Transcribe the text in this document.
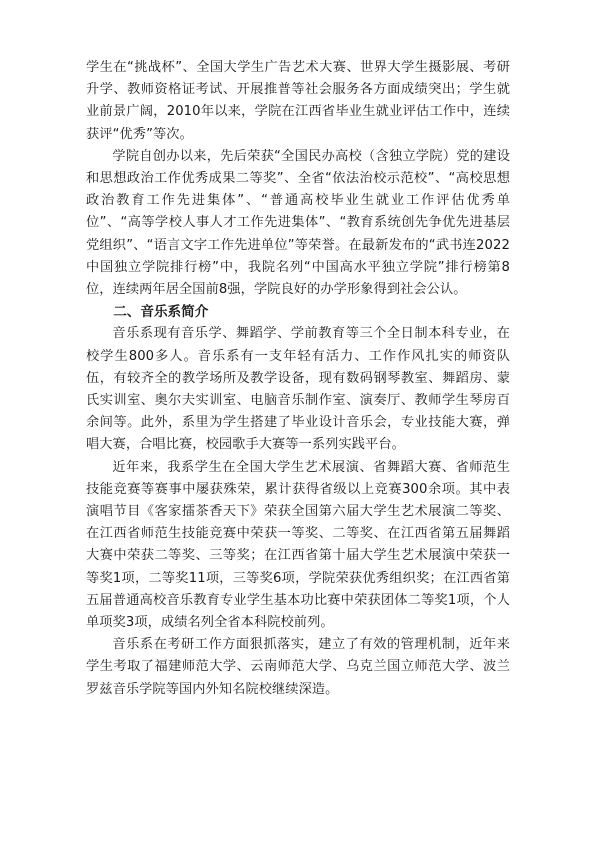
学生在“挑战杯”、全国大学生广告艺术大赛、世界大学生摄影展、考研升学、教师资格证考试、开展推普等社会服务各方面成绩突出；学生就业前景广阔，2010年以来，学院在江西省毕业生就业评估工作中，连续获评“优秀”等次。

学院自创办以来，先后荣获“全国民办高校（含独立学院）党的建设和思想政治工作优秀成果二等奖”、全省“依法治校示范校”、“高校思想政治教育工作先进集体”、“普通高校毕业生就业工作评估优秀单位”、“高等学校人事人才工作先进集体”、“教育系统创先争优先进基层党组织”、“语言文字工作先进单位”等荣誉。在最新发布的“武书连2022中国独立学院排行榜”中，我院名列“中国高水平独立学院”排行榜第8位，连续两年居全国前8强，学院良好的办学形象得到社会公认。

二、音乐系简介

音乐系现有音乐学、舞蹈学、学前教育等三个全日制本科专业，在校学生800多人。音乐系有一支年轻有活力、工作作风扎实的师资队伍，有较齐全的教学场所及教学设备，现有数码钢琴教室、舞蹈房、蒙氏实训室、奥尔夫实训室、电脑音乐制作室、演奏厅、教师学生琴房百余间等。此外，系里为学生搭建了毕业设计音乐会，专业技能大赛，弹唱大赛，合唱比赛，校园歌手大赛等一系列实践平台。

近年来，我系学生在全国大学生艺术展演、省舞蹈大赛、省师范生技能竞赛等赛事中屡获殊荣，累计获得省级以上竞赛300余项。其中表演唱节目《客家擂茶香天下》荣获全国第六届大学生艺术展演二等奖、在江西省师范生技能竞赛中荣获一等奖、二等奖、在江西省第五届舞蹈大赛中荣获二等奖、三等奖；在江西省第十届大学生艺术展演中荣获一等奖1项，二等奖11项，三等奖6项，学院荣获优秀组织奖；在江西省第五届普通高校音乐教育专业学生基本功比赛中荣获团体二等奖1项，个人单项奖3项，成绩名列全省本科院校前列。

音乐系在考研工作方面狠抓落实，建立了有效的管理机制，近年来学生考取了福建师范大学、云南师范大学、乌克兰国立师范大学、波兰罗兹音乐学院等国内外知名院校继续深造。
